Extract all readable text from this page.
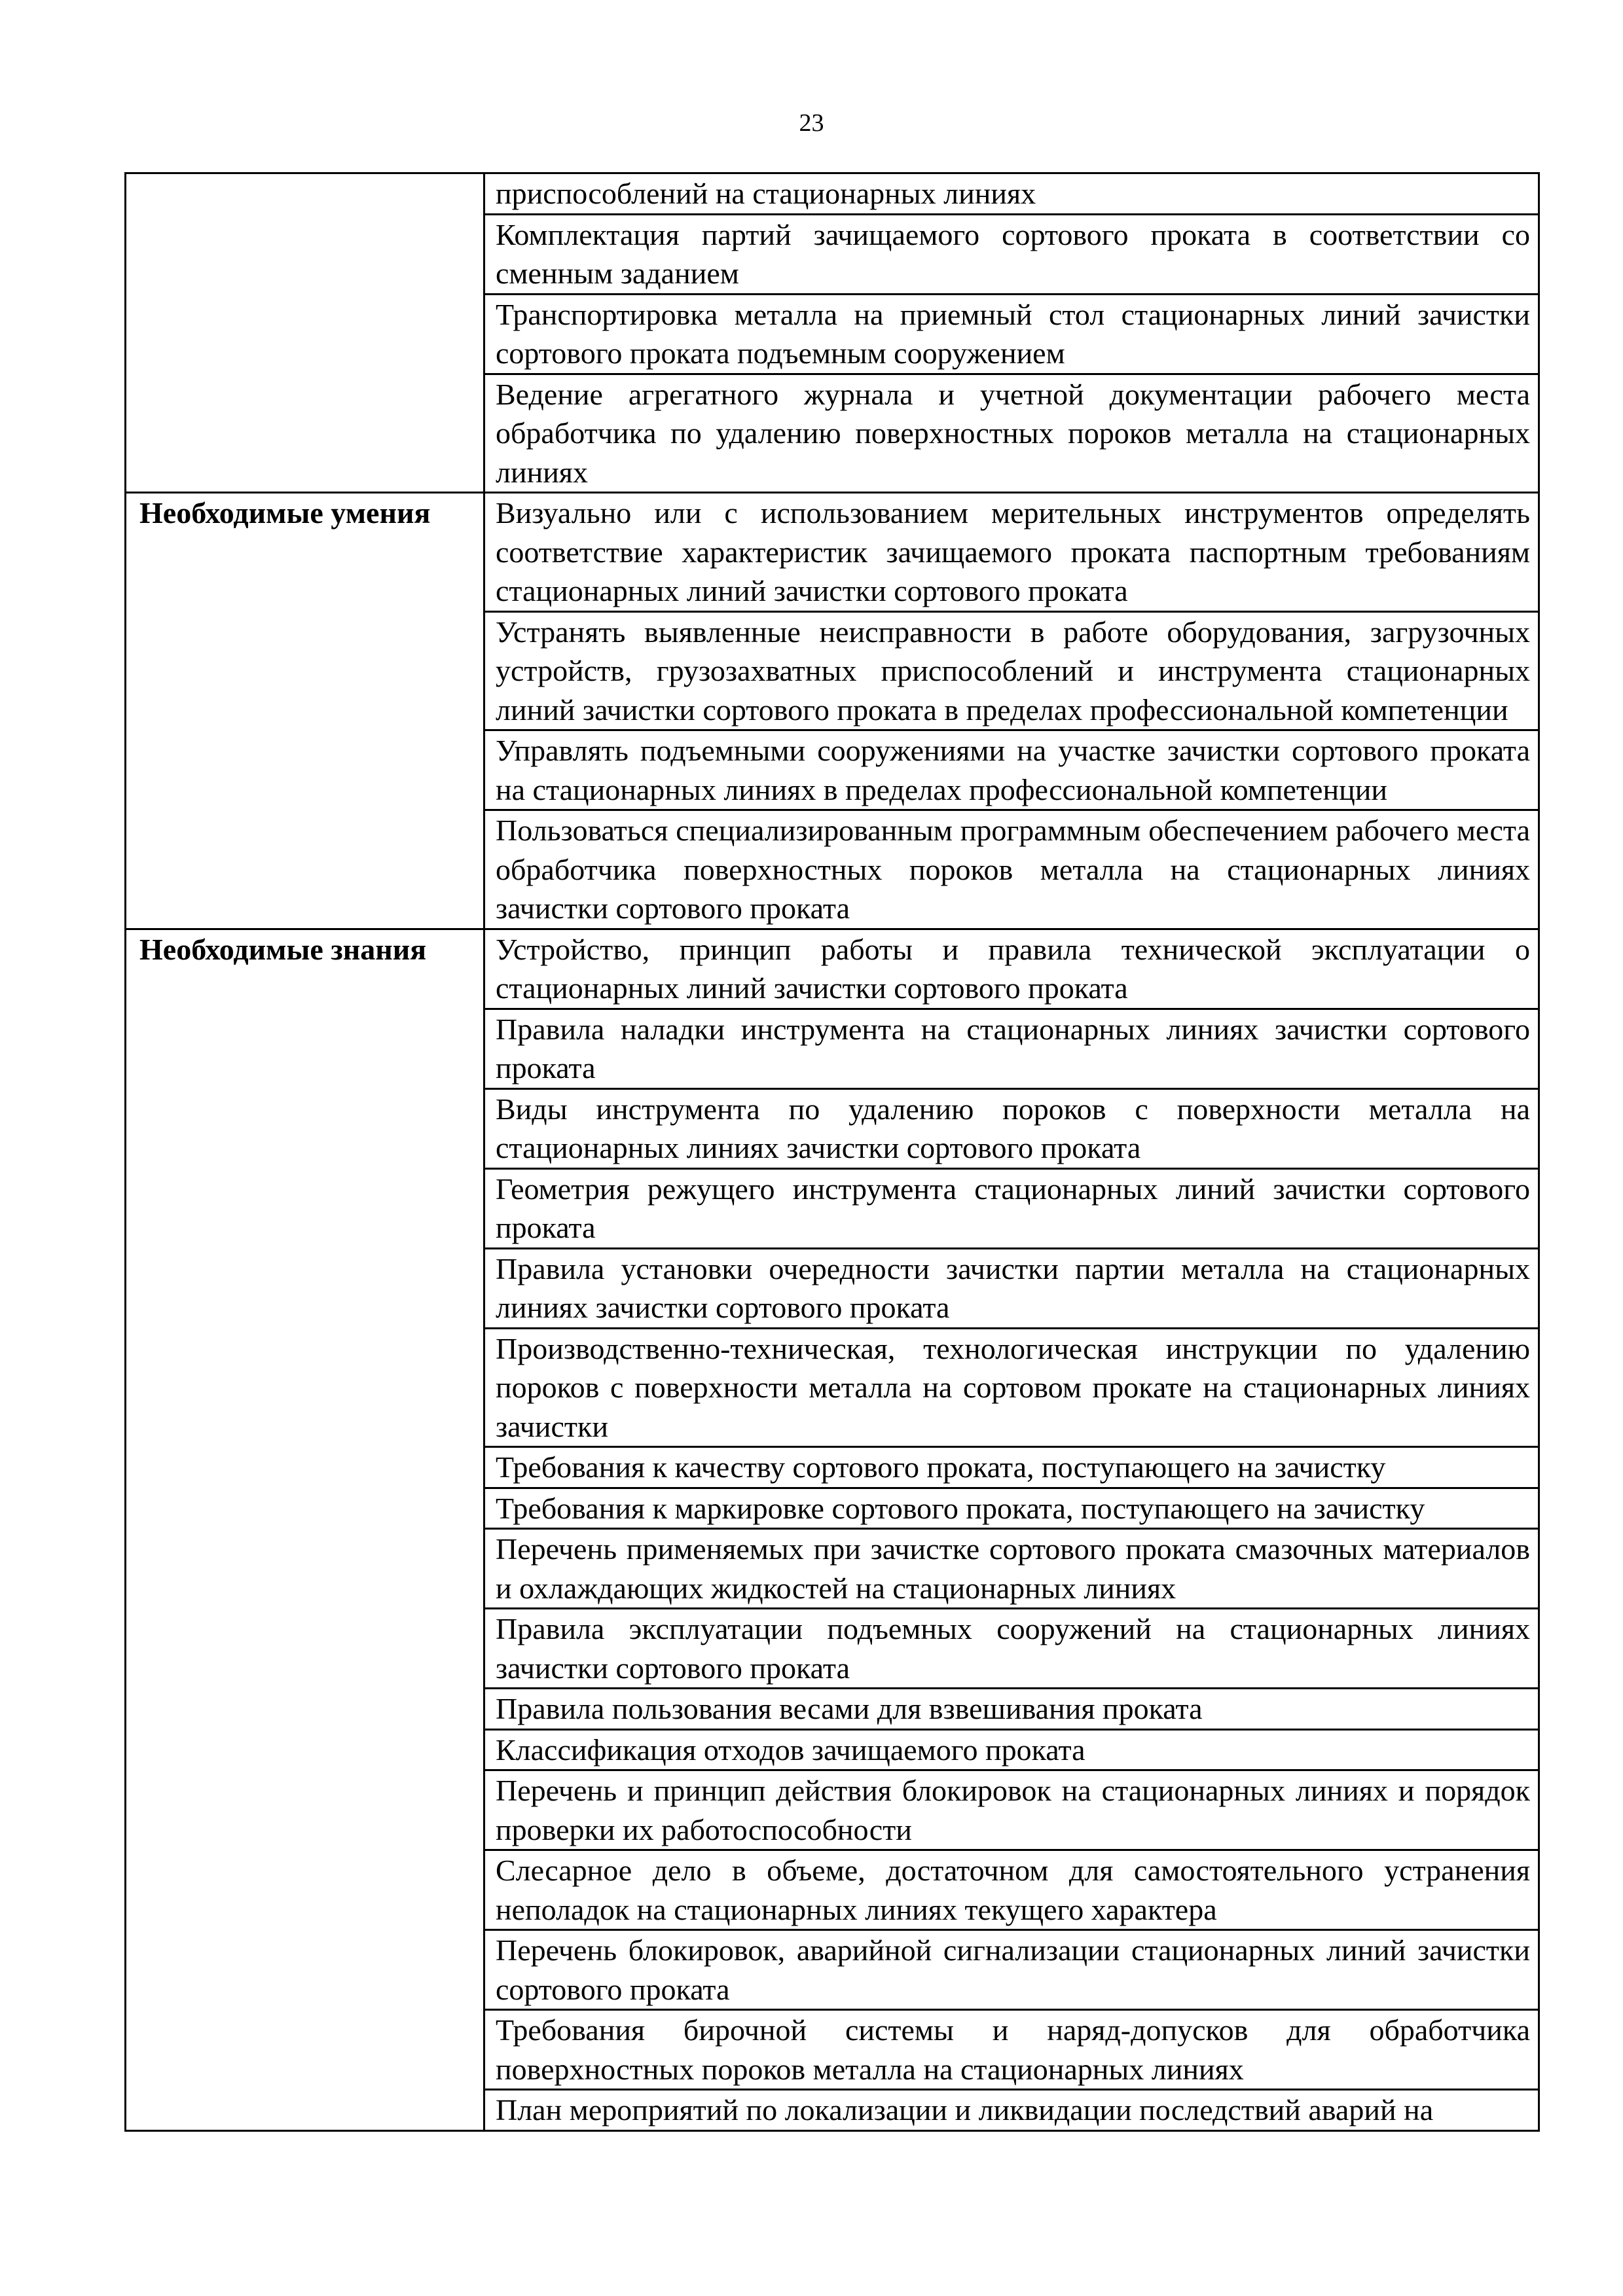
23
	приспособлений на стационарных линиях
	Комплектация партий зачищаемого сортового проката в соответствии со сменным заданием
	Транспортировка металла на приемный стол стационарных линий зачистки сортового проката подъемным сооружением
	Ведение агрегатного журнала и учетной документации рабочего места обработчика по удалению поверхностных пороков металла на стационарных линиях
Необходимые умения	Визуально или с использованием мерительных инструментов определять соответствие характеристик зачищаемого проката паспортным требованиям стационарных линий зачистки сортового проката
	Устранять выявленные неисправности в работе оборудования, загрузочных устройств, грузозахватных приспособлений и инструмента стационарных линий зачистки сортового проката в пределах профессиональной компетенции
	Управлять подъемными сооружениями на участке зачистки сортового проката на стационарных линиях в пределах профессиональной компетенции
	Пользоваться специализированным программным обеспечением рабочего места обработчика поверхностных пороков металла на стационарных линиях зачистки сортового проката
Необходимые знания	Устройство, принцип работы и правила технической эксплуатации о стационарных линий зачистки сортового проката
	Правила наладки инструмента на стационарных линиях зачистки сортового проката
	Виды инструмента по удалению пороков с поверхности металла на стационарных линиях зачистки сортового проката
	Геометрия режущего инструмента стационарных линий зачистки сортового проката
	Правила установки очередности зачистки партии металла на стационарных линиях зачистки сортового проката
	Производственно-техническая, технологическая инструкции по удалению пороков с поверхности металла на сортовом прокате на стационарных линиях зачистки
	Требования к качеству сортового проката, поступающего на зачистку
	Требования к маркировке сортового проката, поступающего на зачистку
	Перечень применяемых при зачистке сортового проката смазочных материалов и охлаждающих жидкостей на стационарных линиях
	Правила эксплуатации подъемных сооружений на стационарных линиях зачистки сортового проката
	Правила пользования весами для взвешивания проката
	Классификация отходов зачищаемого проката
	Перечень и принцип действия блокировок на стационарных линиях и порядок проверки их работоспособности
	Слесарное дело в объеме, достаточном для самостоятельного устранения неполадок на стационарных линиях текущего характера
	Перечень блокировок, аварийной сигнализации стационарных линий зачистки сортового проката
	Требования бирочной системы и наряд-допусков для обработчика поверхностных пороков металла на стационарных линиях
	План мероприятий по локализации и ликвидации последствий аварий на
